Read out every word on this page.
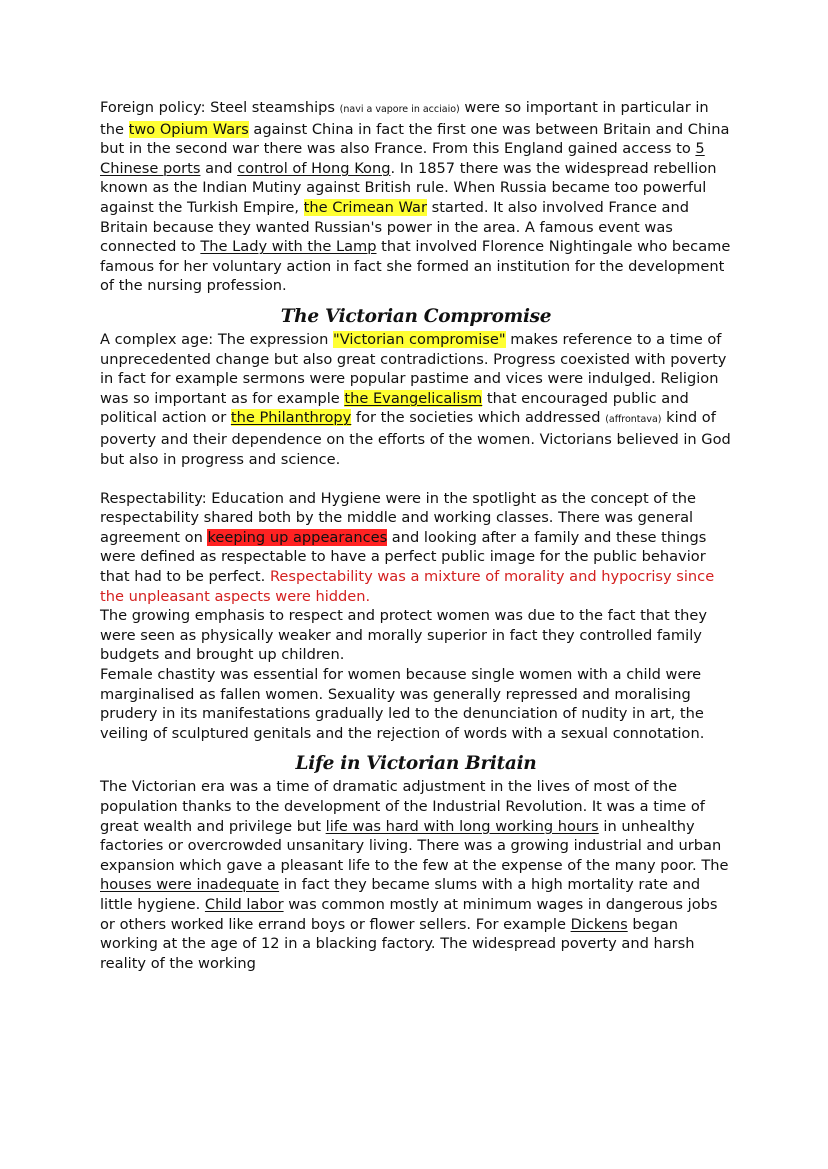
Foreign policy: Steel steamships (navi a vapore in acciaio) were so important in particular in the two Opium Wars against China in fact the first one was between Britain and China but in the second war there was also France. From this England gained access to 5 Chinese ports and control of Hong Kong. In 1857 there was the widespread rebellion known as the Indian Mutiny against British rule. When Russia became too powerful against the Turkish Empire, the Crimean War started. It also involved France and Britain because they wanted Russian's power in the area. A famous event was connected to The Lady with the Lamp that involved Florence Nightingale who became famous for her voluntary action in fact she formed an institution for the development of the nursing profession.

The Victorian Compromise

A complex age: The expression "Victorian compromise" makes reference to a time of unprecedented change but also great contradictions. Progress coexisted with poverty in fact for example sermons were popular pastime and vices were indulged. Religion was so important as for example the Evangelicalism that encouraged public and political action or the Philanthropy for the societies which addressed (affrontava) kind of poverty and their dependence on the efforts of the women. Victorians believed in God but also in progress and science.

Respectability: Education and Hygiene were in the spotlight as the concept of the respectability shared both by the middle and working classes. There was general agreement on keeping up appearances and looking after a family and these things were defined as respectable to have a perfect public image for the public behavior that had to be perfect. Respectability was a mixture of morality and hypocrisy since the unpleasant aspects were hidden.

The growing emphasis to respect and protect women was due to the fact that they were seen as physically weaker and morally superior in fact they controlled family budgets and brought up children.

Female chastity was essential for women because single women with a child were marginalised as fallen women. Sexuality was generally repressed and moralising prudery in its manifestations gradually led to the denunciation of nudity in art, the veiling of sculptured genitals and the rejection of words with a sexual connotation.

Life in Victorian Britain

The Victorian era was a time of dramatic adjustment in the lives of most of the population thanks to the development of the Industrial Revolution. It was a time of great wealth and privilege but life was hard with long working hours in unhealthy factories or overcrowded unsanitary living. There was a growing industrial and urban expansion which gave a pleasant life to the few at the expense of the many poor. The houses were inadequate in fact they became slums with a high mortality rate and little hygiene. Child labor was common mostly at minimum wages in dangerous jobs or others worked like errand boys or flower sellers. For example Dickens began working at the age of 12 in a blacking factory. The widespread poverty and harsh reality of the working
